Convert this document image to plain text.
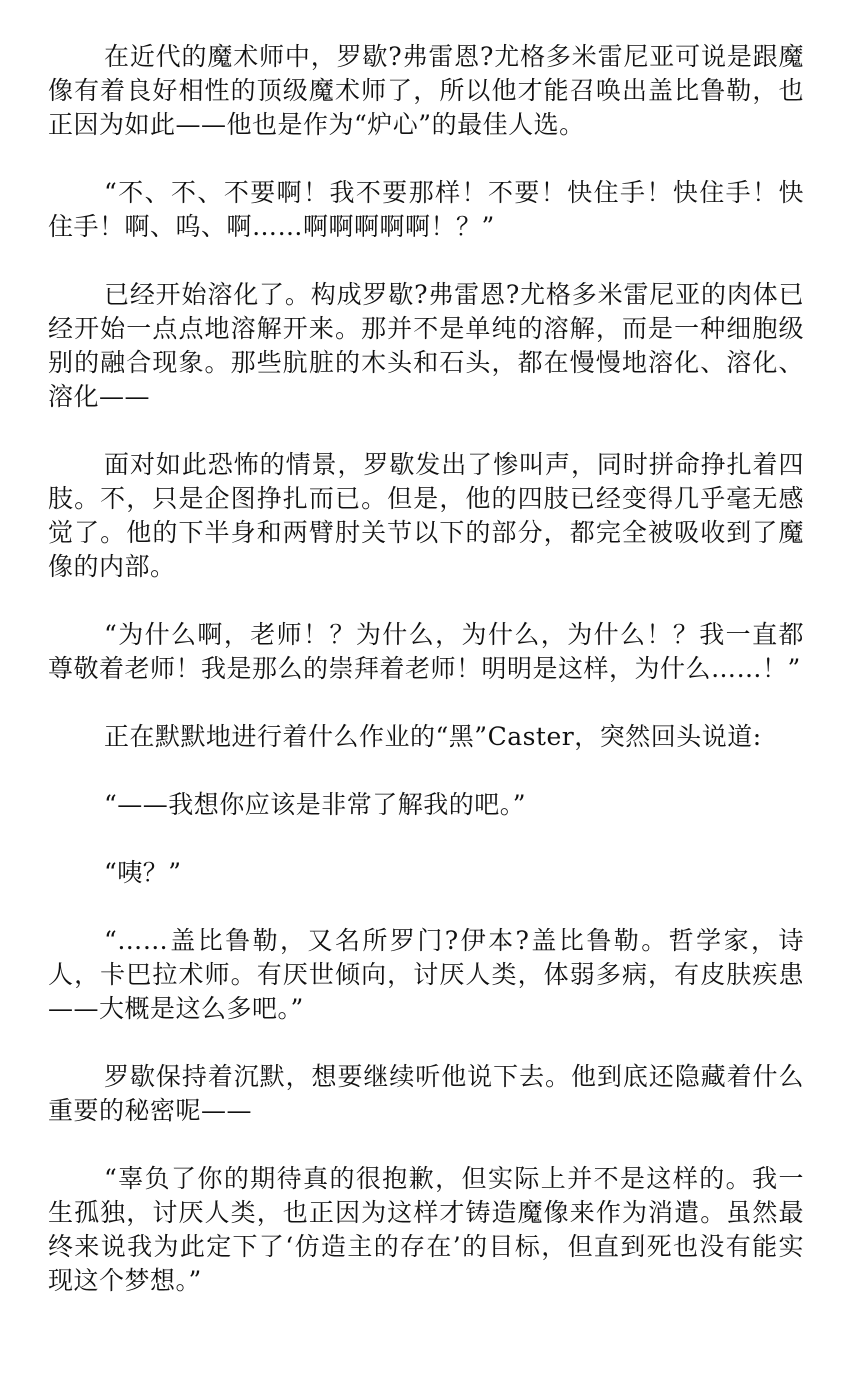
在近代的魔术师中，罗歇?弗雷恩?尤格多米雷尼亚可说是跟魔像有着良好相性的顶级魔术师了，所以他才能召唤出盖比鲁勒，也正因为如此——他也是作为“炉心”的最佳人选。

“不、不、不要啊！我不要那样！不要！快住手！快住手！快住手！啊、呜、啊……啊啊啊啊啊！？”

已经开始溶化了。构成罗歇?弗雷恩?尤格多米雷尼亚的肉体已经开始一点点地溶解开来。那并不是单纯的溶解，而是一种细胞级别的融合现象。那些肮脏的木头和石头，都在慢慢地溶化、溶化、溶化——

面对如此恐怖的情景，罗歇发出了惨叫声，同时拼命挣扎着四肢。不，只是企图挣扎而已。但是，他的四肢已经变得几乎毫无感觉了。他的下半身和两臂肘关节以下的部分，都完全被吸收到了魔像的内部。

“为什么啊，老师！？为什么，为什么，为什么！？我一直都尊敬着老师！我是那么的崇拜着老师！明明是这样，为什么……！”

正在默默地进行着什么作业的“黑”Caster，突然回头说道:

“——我想你应该是非常了解我的吧。”

“咦？”

“……盖比鲁勒，又名所罗门?伊本?盖比鲁勒。哲学家，诗人，卡巴拉术师。有厌世倾向，讨厌人类，体弱多病，有皮肤疾患——大概是这么多吧。”

罗歇保持着沉默，想要继续听他说下去。他到底还隐藏着什么重要的秘密呢——

“辜负了你的期待真的很抱歉，但实际上并不是这样的。我一生孤独，讨厌人类，也正因为这样才铸造魔像来作为消遣。虽然最终来说我为此定下了‘仿造主的存在’的目标，但直到死也没有能实现这个梦想。”
